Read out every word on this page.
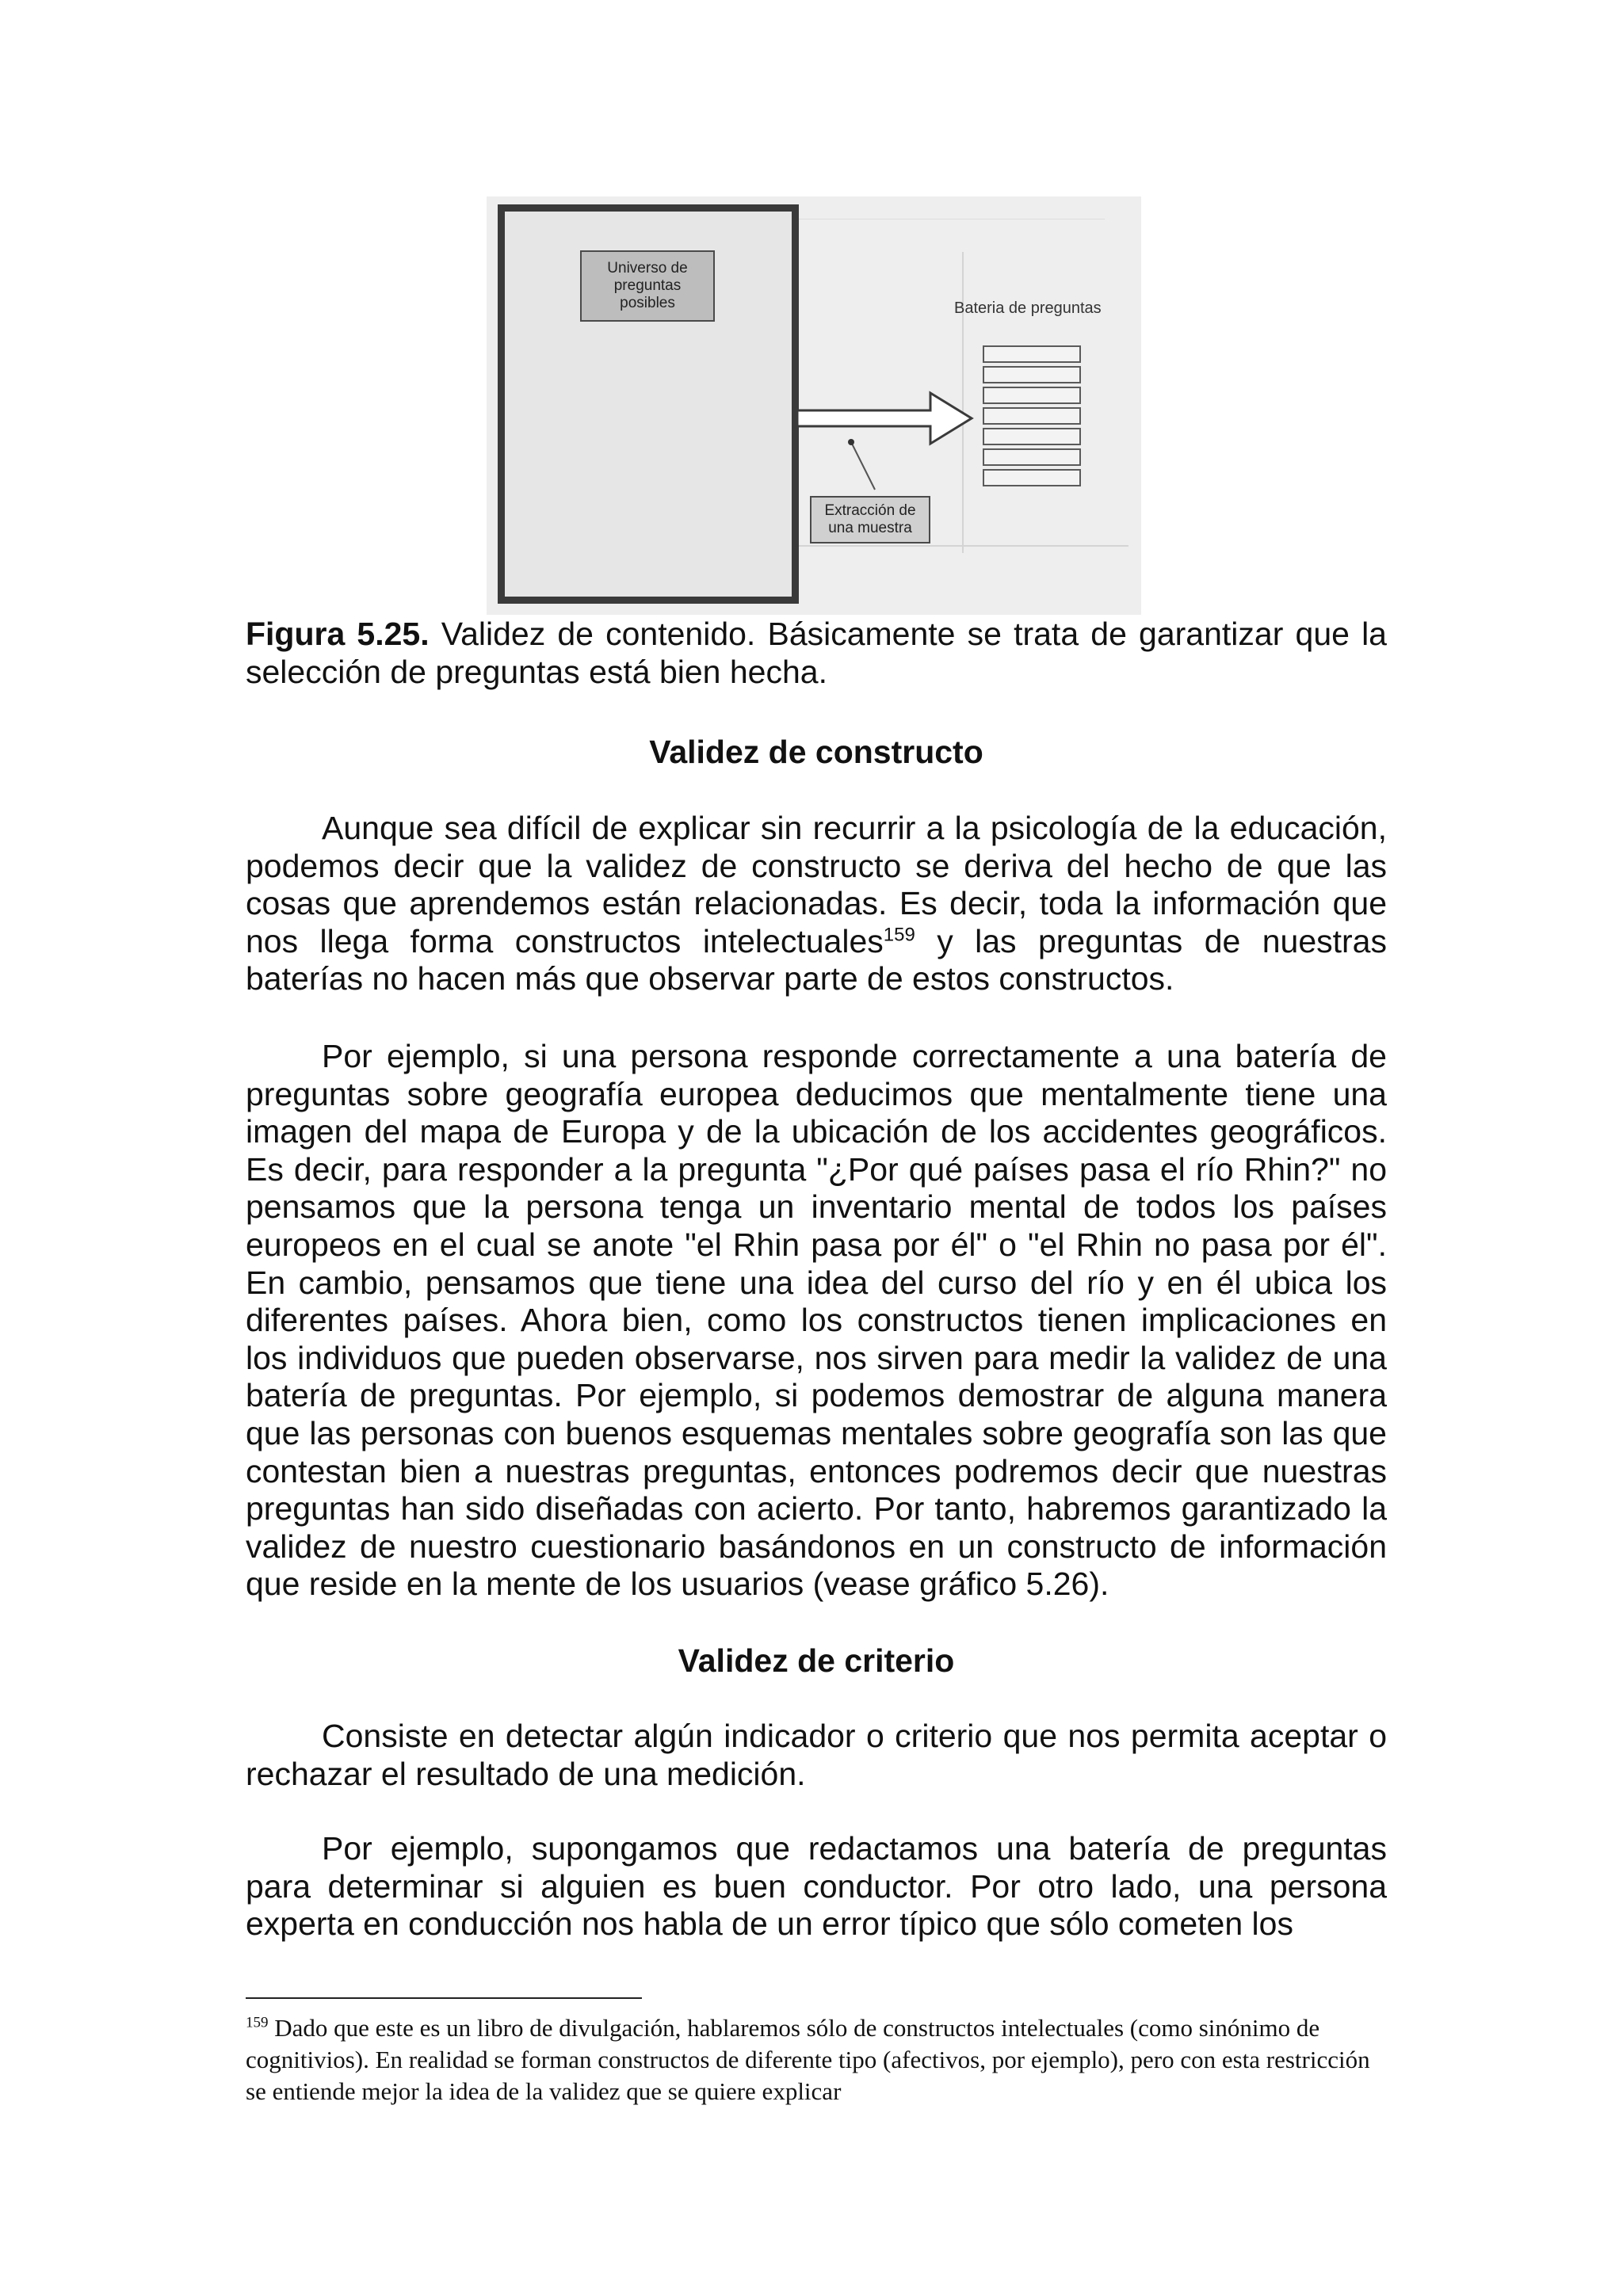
Universo de preguntas posibles	Bateria de preguntas
Extracción de una muestra
Figura 5.25. Validez de contenido. Básicamente se trata de garantizar que la selección de preguntas está bien hecha.
Validez de constructo
Aunque sea difícil de explicar sin recurrir a la psicología de la educación, podemos decir que la validez de constructo se deriva del hecho de que las cosas que aprendemos están relacionadas. Es decir, toda la información que nos llega forma constructos intelectuales$^{159}$ y las preguntas de nuestras baterías no hacen más que observar parte de estos constructos.
Por ejemplo, si una persona responde correctamente a una batería de preguntas sobre geografía europea deducimos que mentalmente tiene una imagen del mapa de Europa y de la ubicación de los accidentes geográficos. Es decir, para responder a la pregunta "¿Por qué países pasa el río Rhin?" no pensamos que la persona tenga un inventario mental de todos los países europeos en el cual se anote "el Rhin pasa por él" o "el Rhin no pasa por él". En cambio, pensamos que tiene una idea del curso del río y en él ubica los diferentes países. Ahora bien, como los constructos tienen implicaciones en los individuos que pueden observarse, nos sirven para medir la validez de una batería de preguntas. Por ejemplo, si podemos demostrar de alguna manera que las personas con buenos esquemas mentales sobre geografía son las que contestan bien a nuestras preguntas, entonces podremos decir que nuestras preguntas han sido diseñadas con acierto. Por tanto, habremos garantizado la validez de nuestro cuestionario basándonos en un constructo de información que reside en la mente de los usuarios (vease gráfico 5.26).
Validez de criterio
Consiste en detectar algún indicador o criterio que nos permita aceptar o rechazar el resultado de una medición.
Por ejemplo, supongamos que redactamos una batería de preguntas para determinar si alguien es buen conductor. Por otro lado, una persona experta en conducción nos habla de un error típico que sólo cometen los
$^{159}$ Dado que este es un libro de divulgación, hablaremos sólo de constructos intelectuales (como sinónimo de cognitivios). En realidad se forman constructos de diferente tipo (afectivos, por ejemplo), pero con esta restricción se entiende mejor la idea de la validez que se quiere explicar
